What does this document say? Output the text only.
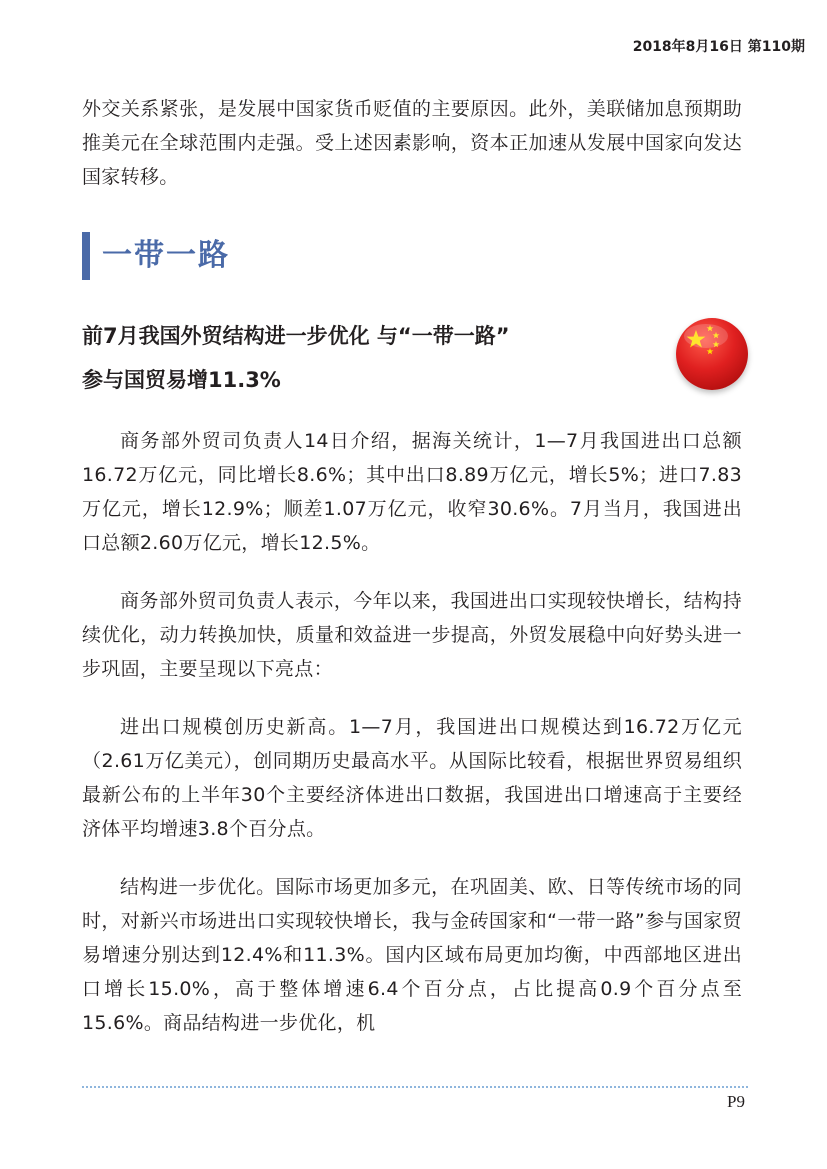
2018年8月16日 第110期

外交关系紧张，是发展中国家货币贬值的主要原因。此外，美联储加息预期助推美元在全球范围内走强。受上述因素影响，资本正加速从发展中国家向发达国家转移。

一带一路
前7月我国外贸结构进一步优化 与“一带一路”
参与国贸易增11.3%

商务部外贸司负责人14日介绍，据海关统计，1—7月我国进出口总额16.72万亿元，同比增长8.6%；其中出口8.89万亿元，增长5%；进口7.83万亿元，增长12.9%；顺差1.07万亿元，收窄30.6%。7月当月，我国进出口总额2.60万亿元，增长12.5%。

商务部外贸司负责人表示，今年以来，我国进出口实现较快增长，结构持续优化，动力转换加快，质量和效益进一步提高，外贸发展稳中向好势头进一步巩固，主要呈现以下亮点：

进出口规模创历史新高。1—7月，我国进出口规模达到16.72万亿元（2.61万亿美元），创同期历史最高水平。从国际比较看，根据世界贸易组织最新公布的上半年30个主要经济体进出口数据，我国进出口增速高于主要经济体平均增速3.8个百分点。

结构进一步优化。国际市场更加多元，在巩固美、欧、日等传统市场的同时，对新兴市场进出口实现较快增长，我与金砖国家和“一带一路”参与国家贸易增速分别达到12.4%和11.3%。国内区域布局更加均衡，中西部地区进出口增长15.0%，高于整体增速6.4个百分点，占比提高0.9个百分点至15.6%。商品结构进一步优化，机

P9
